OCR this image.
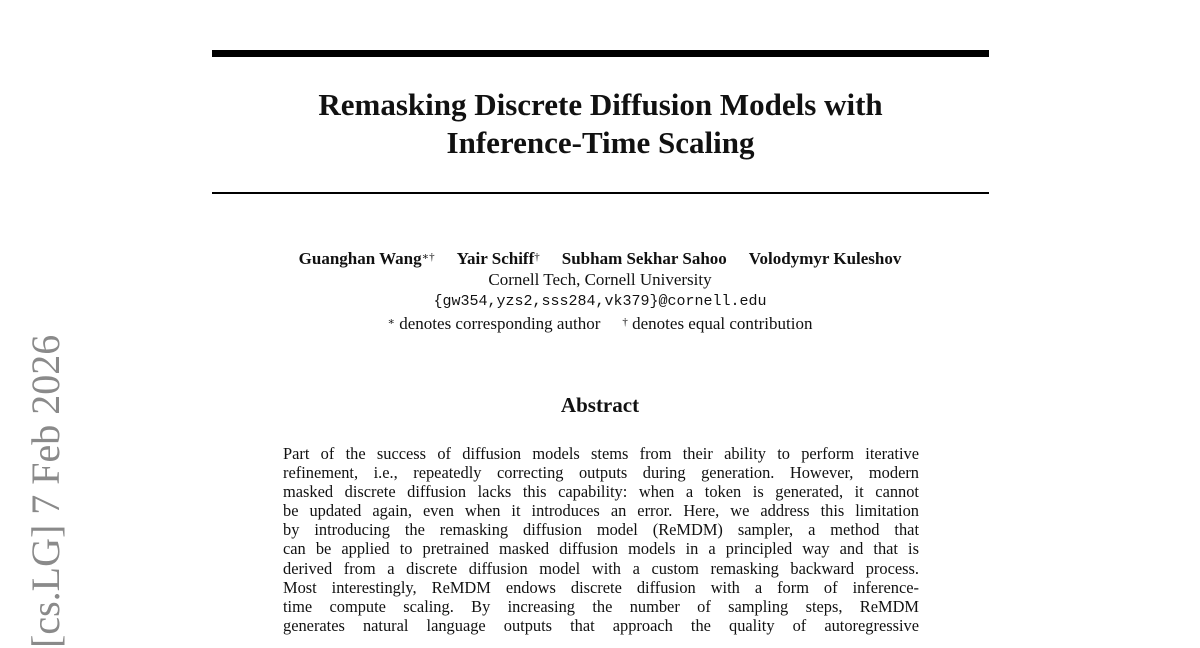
Remasking Discrete Diffusion Models with
Inference-Time Scaling
Guanghan Wang∗† Yair Schiff† Subham Sekhar Sahoo Volodymyr Kuleshov
Cornell Tech, Cornell University
{gw354,yzs2,sss284,vk379}@cornell.edu
∗ denotes corresponding author † denotes equal contribution
Abstract
Part of the success of diffusion models stems from their ability to perform iterative
refinement, i.e., repeatedly correcting outputs during generation. However, modern
masked discrete diffusion lacks this capability: when a token is generated, it cannot
be updated again, even when it introduces an error. Here, we address this limitation
by introducing the remasking diffusion model (ReMDM) sampler, a method that
can be applied to pretrained masked diffusion models in a principled way and that is
derived from a discrete diffusion model with a custom remasking backward process.
Most interestingly, ReMDM endows discrete diffusion with a form of inference-
time compute scaling. By increasing the number of sampling steps, ReMDM
generates natural language outputs that approach the quality of autoregressive
[cs.LG] 7 Feb 2026
